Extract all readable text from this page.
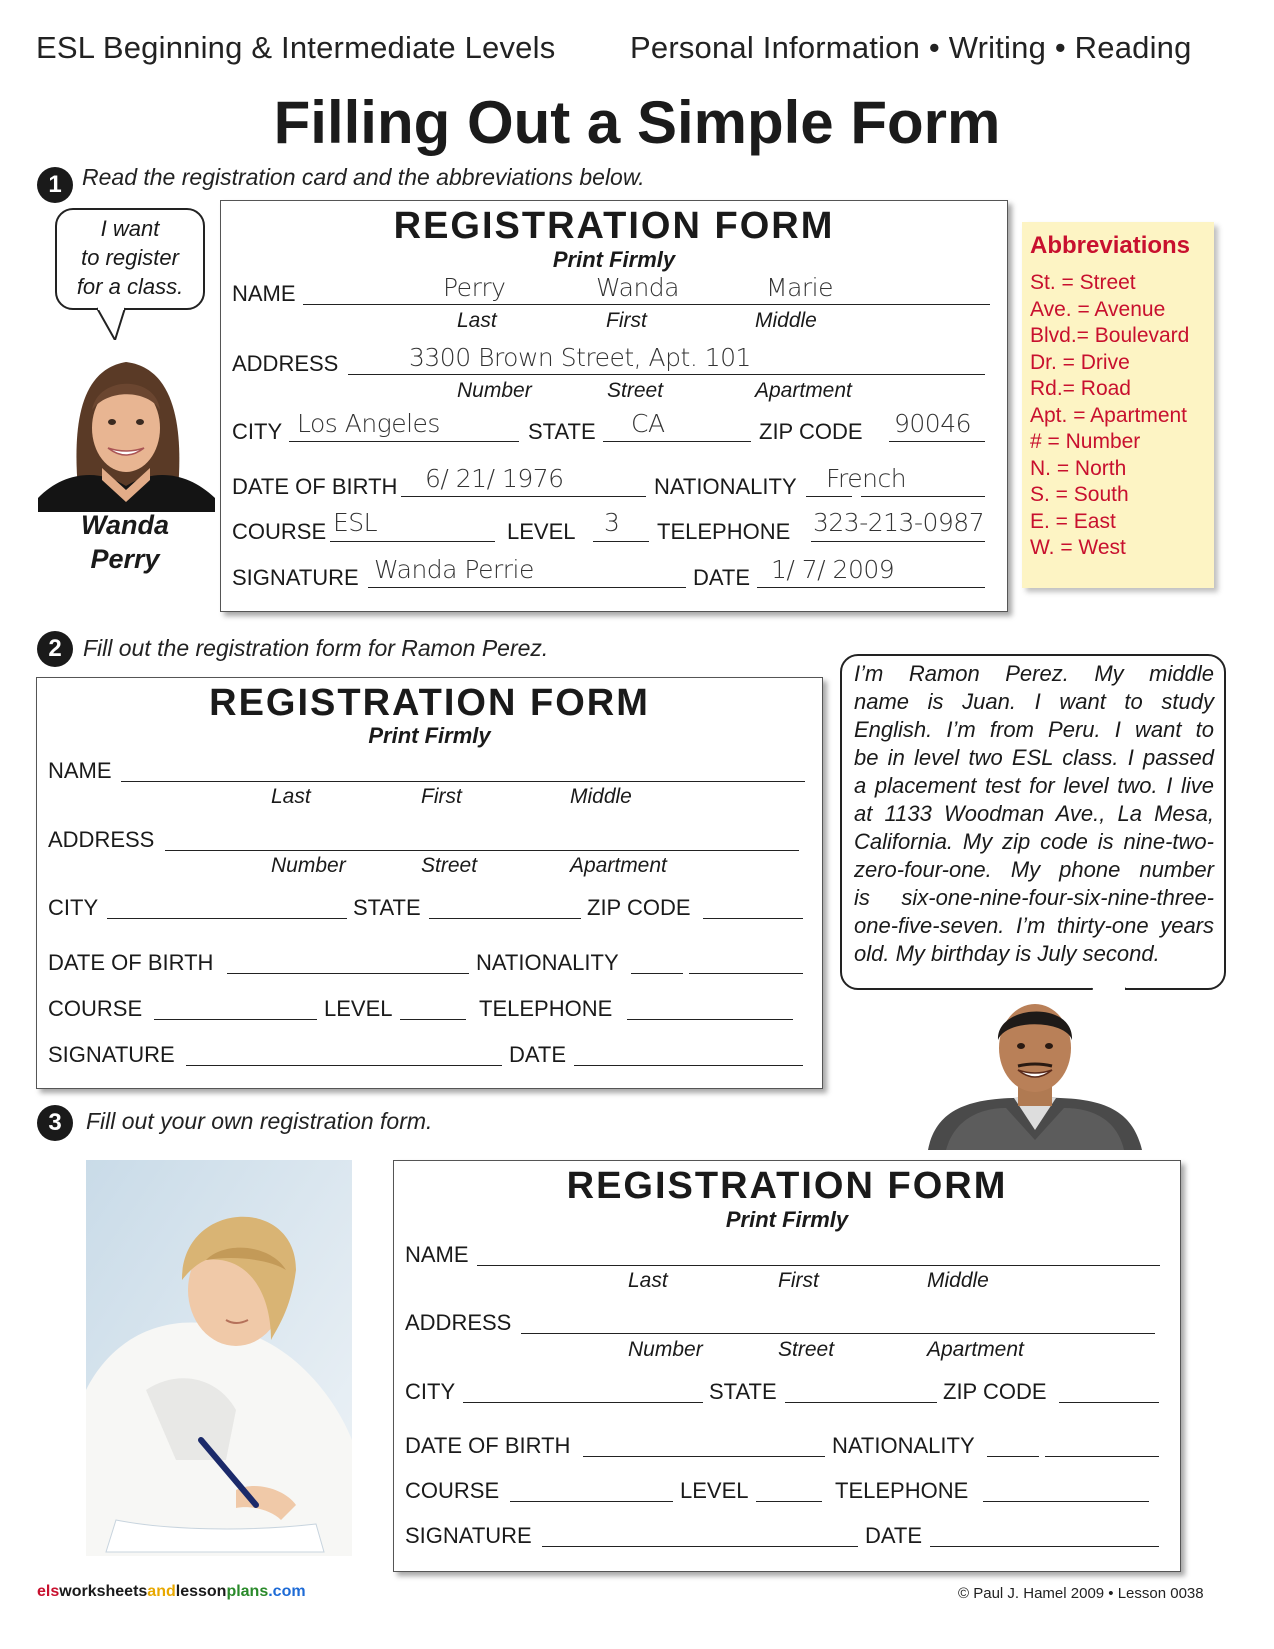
ESL Beginning & Intermediate Levels Personal Information • Writing • Reading
Filling Out a Simple Form
1 Read the registration card and the abbreviations below.
I want
to register
for a class.
Wanda
Perry
REGISTRATION FORM
Print Firmly
NAME	Perry	Wanda	Marie
Last	First	Middle
ADDRESS	3300 Brown Street, Apt. 101
Number	Street	Apartment
CITY Los Angeles	STATE CA	ZIP CODE 90046
DATE OF BIRTH 6/ 21/ 1976	NATIONALITY French
COURSE ESL	LEVEL 3 TELEPHONE 323-213-0987
SIGNATURE Wanda Perrie	DATE 1/ 7/ 2009
Abbreviations
St. = Street
Ave. = Avenue
Blvd.= Boulevard
Dr. = Drive
Rd.= Road
Apt. = Apartment
# = Number
N. = North
S. = South
E. = East
W. = West
2 Fill out the registration form for Ramon Perez.
REGISTRATION FORM
Print Firmly
NAME
Last	First	Middle
ADDRESS
Number	Street	Apartment
CITY	STATE	ZIP CODE
DATE OF BIRTH	NATIONALITY
COURSE	LEVEL	TELEPHONE
SIGNATURE	DATE
I’m Ramon Perez. My middle
name is Juan. I want to study
English. I’m from Peru. I want to
be in level two ESL class. I passed
a placement test for level two. I live
at 1133 Woodman Ave., La Mesa,
California. My zip code is nine-two-
zero-four-one. My phone number
is six-one-nine-four-six-nine-three-
one-five-seven. I’m thirty-one years
old. My birthday is July second.
3	Fill out your own registration form.
REGISTRATION FORM
Print Firmly
NAME
Last	First	Middle
ADDRESS
Number	Street	Apartment
CITY	STATE	ZIP CODE
DATE OF BIRTH	NATIONALITY
COURSE	LEVEL	TELEPHONE
SIGNATURE	DATE
elsworksheetsandlessonplans.com	© Paul J. Hamel 2009 • Lesson 0038
